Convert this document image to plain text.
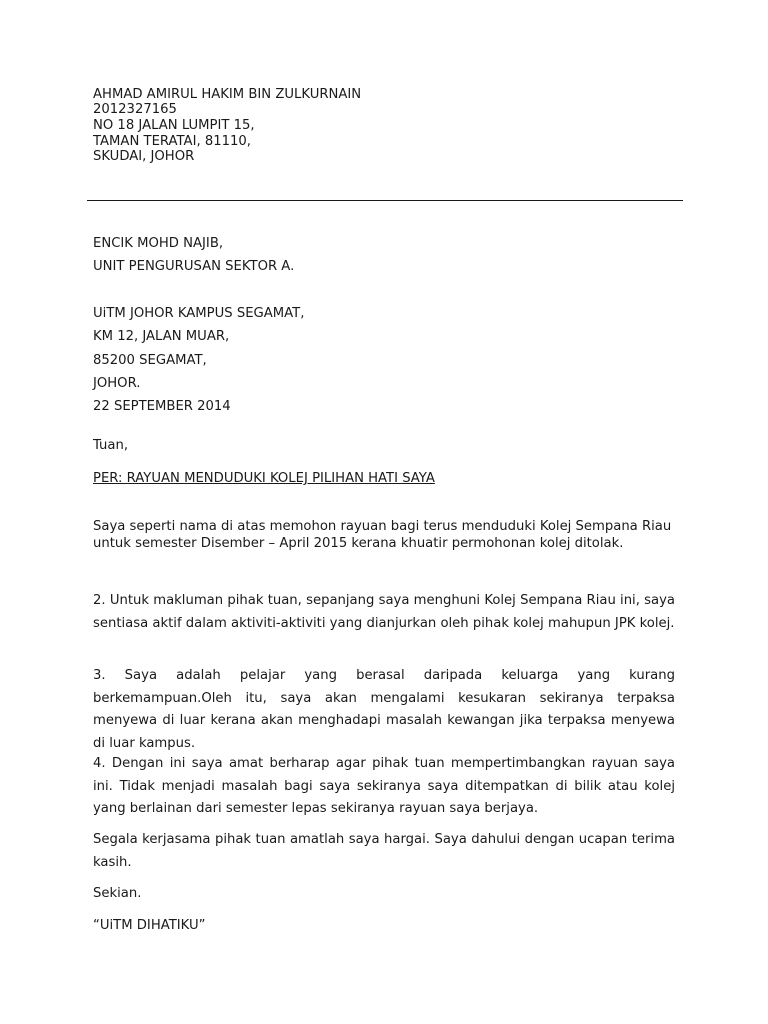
AHMAD AMIRUL HAKIM BIN ZULKURNAIN
2012327165
NO 18 JALAN LUMPIT 15,
TAMAN TERATAI, 81110,
SKUDAI, JOHOR
ENCIK MOHD NAJIB,
UNIT PENGURUSAN SEKTOR A.
UiTM JOHOR KAMPUS SEGAMAT,
KM 12, JALAN MUAR,
85200 SEGAMAT,
JOHOR.
22 SEPTEMBER 2014
Tuan,
PER: RAYUAN MENDUDUKI KOLEJ PILIHAN HATI SAYA
Saya seperti nama di atas memohon rayuan bagi terus menduduki Kolej Sempana Riau untuk semester Disember – April 2015 kerana khuatir permohonan kolej ditolak.
2. Untuk makluman pihak tuan, sepanjang saya menghuni Kolej Sempana Riau ini, saya sentiasa aktif dalam aktiviti-aktiviti yang dianjurkan oleh pihak kolej mahupun JPK kolej.
3. Saya adalah pelajar yang berasal daripada keluarga yang kurang berkemampuan.Oleh itu, saya akan mengalami kesukaran sekiranya terpaksa menyewa di luar kerana akan menghadapi masalah kewangan jika terpaksa menyewa di luar kampus.
4. Dengan ini saya amat berharap agar pihak tuan mempertimbangkan rayuan saya ini. Tidak menjadi masalah bagi saya sekiranya saya ditempatkan di bilik atau kolej yang berlainan dari semester lepas sekiranya rayuan saya berjaya.
Segala kerjasama pihak tuan amatlah saya hargai. Saya dahului dengan ucapan terima kasih.
Sekian.
“UiTM DIHATIKU”
